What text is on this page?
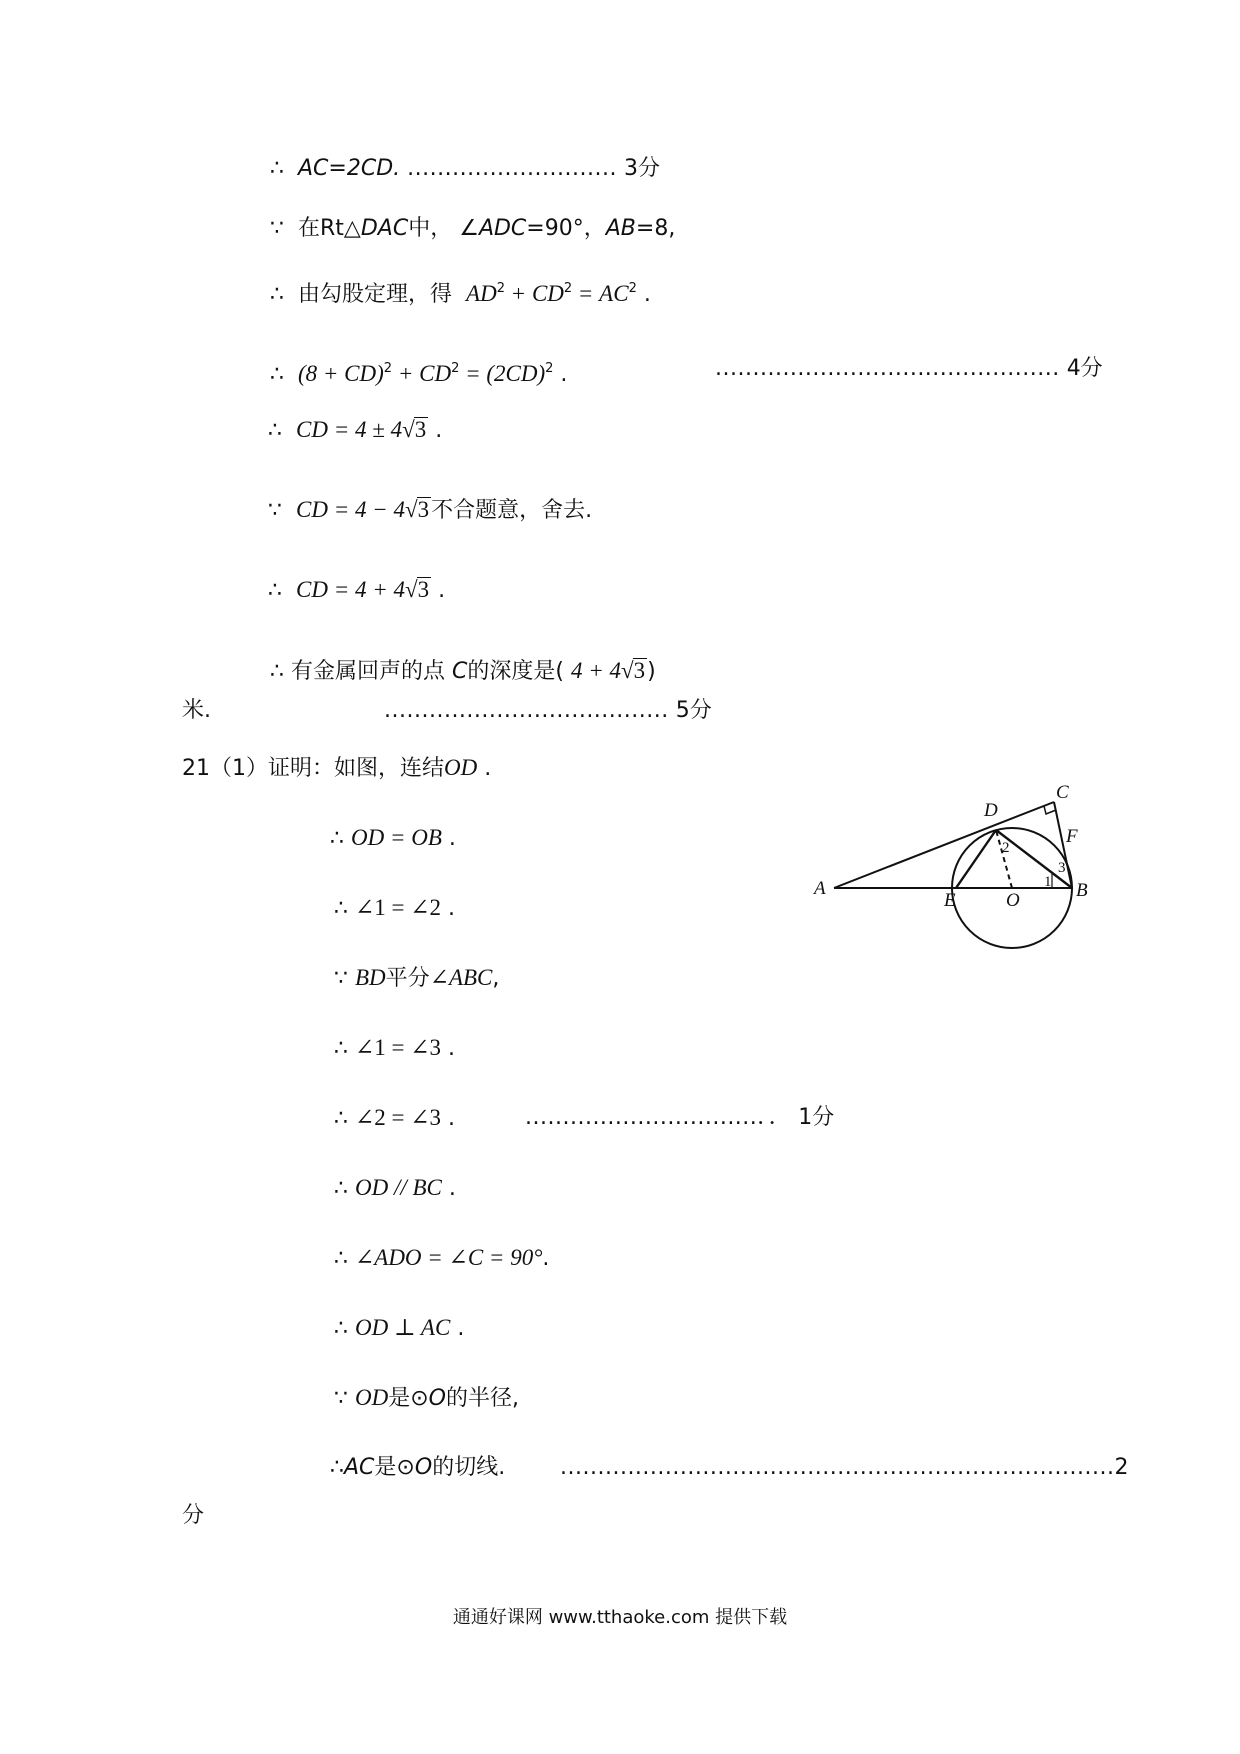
∴ AC=2CD. ............................ 3分
∵ 在Rt△DAC中， ∠ADC=90°，AB=8,
∴ 由勾股定理，得 $AD^2 + CD^2 = AC^2$ .
∴ $(8 + CD)^2 + CD^2 = (2CD)^2$ .	.............................................. 4分
∴ CD = 4 ± 4√3 .
∵ CD = 4 − 4√3不合题意，舍去.
∴ CD = 4 + 4√3 .
∴ 有金属回声的点 C的深度是( 4 + 4√3)
米.	...................................... 5分
21（1）证明：如图，连结OD .
∴ OD = OB .
∴ ∠1 = ∠2 .
∵ BD平分∠ABC,
∴ ∠1 = ∠3 .
∴ ∠2 = ∠3 .	...............................．． 1分
∴ OD // BC .
∴ ∠ADO = ∠C = 90°.
∴ OD ⊥ AC .
∵ OD是⊙O的半径,
∴AC是⊙O的切线. ..........................................................................2
分
A	B
C
D
E
F
O
1
2
3
通通好课网 www.tthaoke.com 提供下载
